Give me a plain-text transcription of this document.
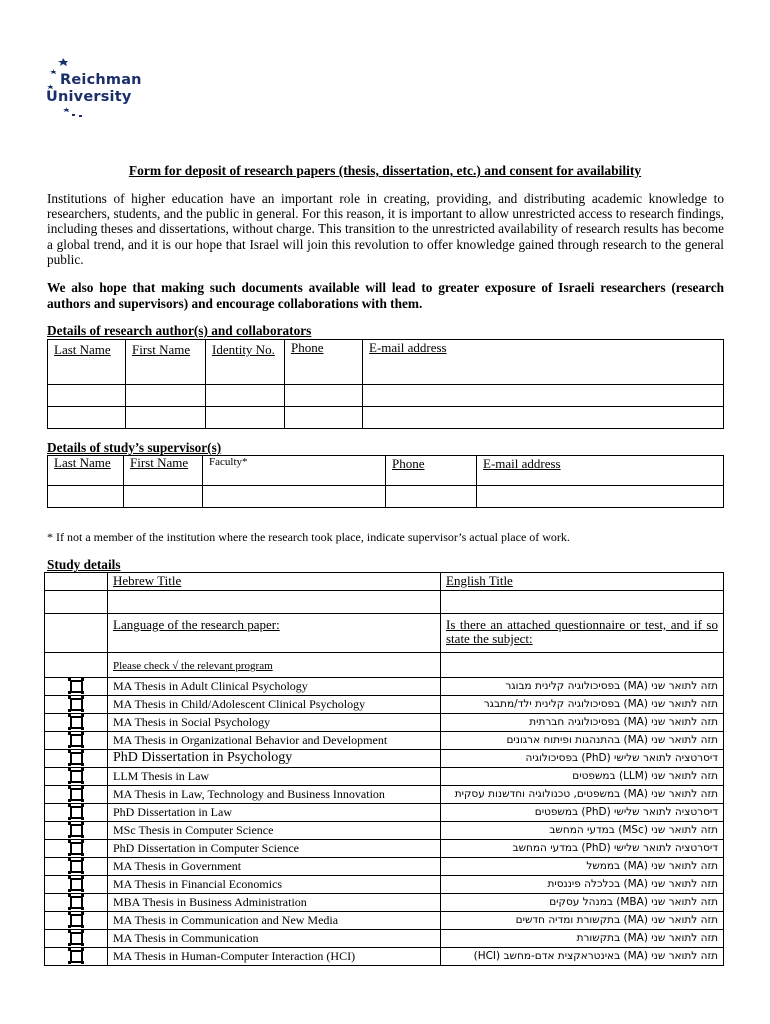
Reichman
University
Form for deposit of research papers (thesis, dissertation, etc.) and consent for availability
Institutions of higher education have an important role in creating, providing, and distributing academic knowledge to researchers, students, and the public in general. For this reason, it is important to allow unrestricted access to research findings, including theses and dissertations, without charge. This transition to the unrestricted availability of research results has become a global trend, and it is our hope that Israel will join this revolution to offer knowledge gained through research to the general public.
We also hope that making such documents available will lead to greater exposure of Israeli researchers (research authors and supervisors) and encourage collaborations with them.
Details of research author(s) and collaborators
Last Name	First Name	Identity No.	Phone	E-mail address

Details of study’s supervisor(s)
Last Name	First Name	Faculty*	Phone	E-mail address

* If not a member of the institution where the research took place, indicate supervisor’s actual place of work.
Study details
	Hebrew Title	English Title

	Language of the research paper:	Is there an attached questionnaire or test, and if so state the subject:
	Please check √ the relevant program	
	MA Thesis in Adult Clinical Psychology	תזה לתואר שני (MA) בפסיכולוגיה קלינית מבוגר
	MA Thesis in Child/Adolescent Clinical Psychology	תזה לתואר שני (MA) בפסיכולוגיה קלינית ילד/מתבגר
	MA Thesis in Social Psychology	תזה לתואר שני (MA) בפסיכולוגיה חברתית
	MA Thesis in Organizational Behavior and Development	תזה לתואר שני (MA) בהתנהגות ופיתוח ארגונים
	PhD Dissertation in Psychology	דיסרטציה לתואר שלישי (PhD) בפסיכולוגיה
	LLM Thesis in Law	תזה לתואר שני (LLM) במשפטים
	MA Thesis in Law, Technology and Business Innovation	תזה לתואר שני (MA) במשפטים, טכנולוגיה וחדשנות עסקית
	PhD Dissertation in Law	דיסרטציה לתואר שלישי (PhD) במשפטים
	MSc Thesis in Computer Science	תזה לתואר שני (MSc) במדעי המחשב
	PhD Dissertation in Computer Science	דיסרטציה לתואר שלישי (PhD) במדעי המחשב
	MA Thesis in Government	תזה לתואר שני (MA) בממשל
	MA Thesis in Financial Economics	תזה לתואר שני (MA) בכלכלה פיננסית
	MBA Thesis in Business Administration	תזה לתואר שני (MBA) במנהל עסקים
	MA Thesis in Communication and New Media	תזה לתואר שני (MA) בתקשורת ומדיה חדשים
	MA Thesis in Communication	תזה לתואר שני (MA) בתקשורת
	MA Thesis in Human-Computer Interaction (HCI)	תזה לתואר שני (MA) באינטראקצית אדם-מחשב (HCI)
